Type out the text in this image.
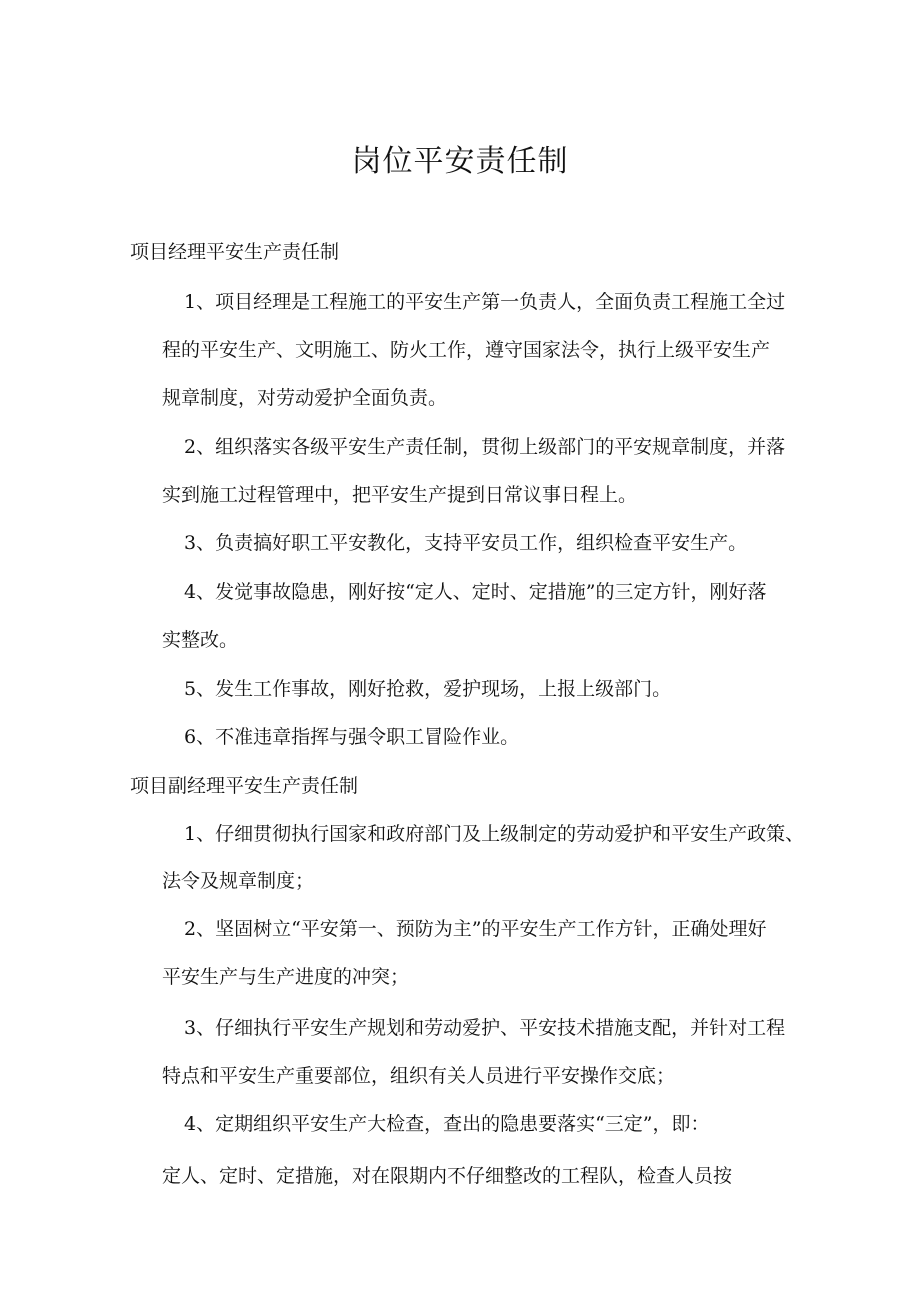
岗位平安责任制
项目经理平安生产责任制
1、项目经理是工程施工的平安生产第一负责人，全面负责工程施工全过
程的平安生产、文明施工、防火工作，遵守国家法令，执行上级平安生产
规章制度，对劳动爱护全面负责。
2、组织落实各级平安生产责任制，贯彻上级部门的平安规章制度，并落
实到施工过程管理中，把平安生产提到日常议事日程上。
3、负责搞好职工平安教化，支持平安员工作，组织检查平安生产。
4、发觉事故隐患，刚好按“定人、定时、定措施”的三定方针，刚好落
实整改。
5、发生工作事故，刚好抢救，爱护现场，上报上级部门。
6、不准违章指挥与强令职工冒险作业。
项目副经理平安生产责任制
1、仔细贯彻执行国家和政府部门及上级制定的劳动爱护和平安生产政策、
法令及规章制度；
2、坚固树立“平安第一、预防为主”的平安生产工作方针，正确处理好
平安生产与生产进度的冲突；
3、仔细执行平安生产规划和劳动爱护、平安技术措施支配，并针对工程
特点和平安生产重要部位，组织有关人员进行平安操作交底；
4、定期组织平安生产大检查，查出的隐患要落实“三定”，即：
定人、定时、定措施，对在限期内不仔细整改的工程队，检查人员按
